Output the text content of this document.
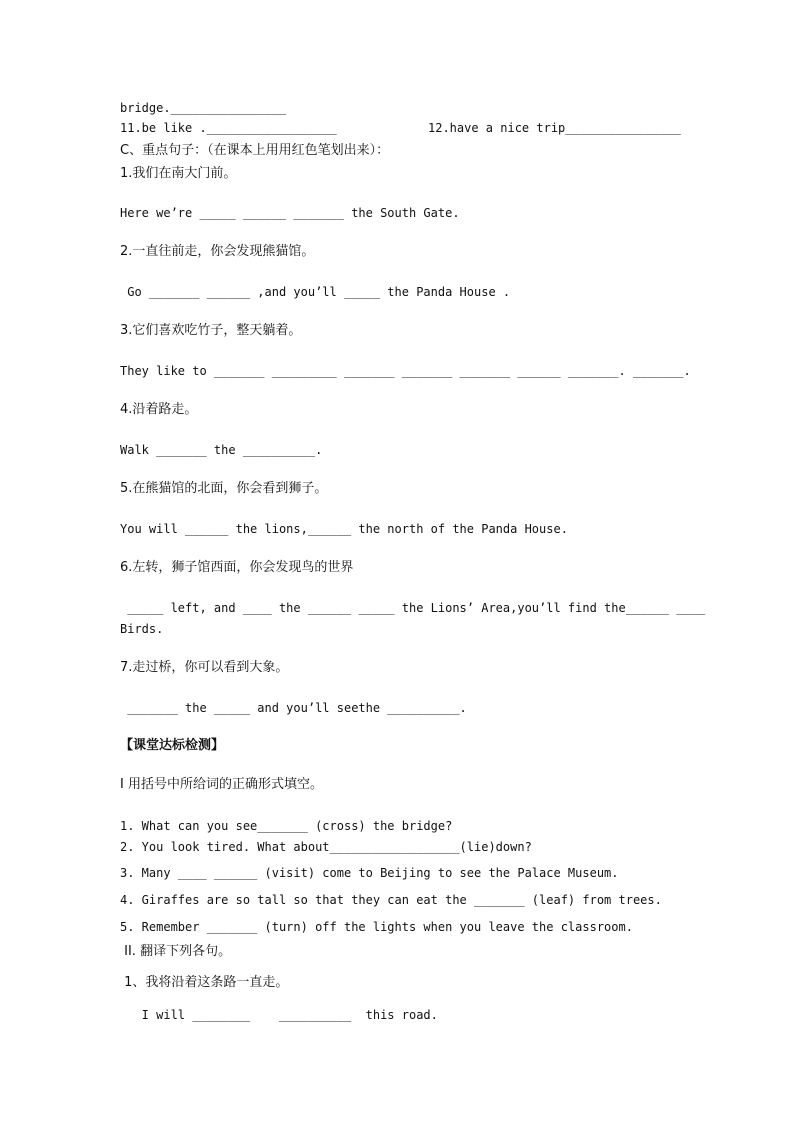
bridge.________________
11.be like .__________________	12.have a nice trip________________
C、重点句子：（在课本上用用红色笔划出来）：
1.我们在南大门前。
Here we’re _____ ______ _______ the South Gate.
2.一直往前走，你会发现熊猫馆。
Go _______ ______ ,and you’ll _____ the Panda House .
3.它们喜欢吃竹子，整天躺着。
They like to _______ _________ _______ _______ _______ ______ _______. _______.
4.沿着路走。
Walk _______ the __________.
5.在熊猫馆的北面，你会看到狮子。
You will ______ the lions,______ the north of the Panda House.
6.左转，狮子馆西面，你会发现鸟的世界
_____ left, and ____ the ______ _____ the Lions’ Area,you’ll find the______ ____
Birds.
7.走过桥，你可以看到大象。
_______ the _____ and you’ll seethe __________.
【课堂达标检测】
I 用括号中所给词的正确形式填空。
1. What can you see_______ (cross) the bridge?
2. You look tired. What about__________________(lie)down?
3. Many ____ ______ (visit) come to Beijing to see the Palace Museum.
4. Giraffes are so tall so that they can eat the _______ (leaf) from trees.
5. Remember _______ (turn) off the lights when you leave the classroom.
II. 翻译下列各句。
1、我将沿着这条路一直走。
I will ________    __________  this road.
